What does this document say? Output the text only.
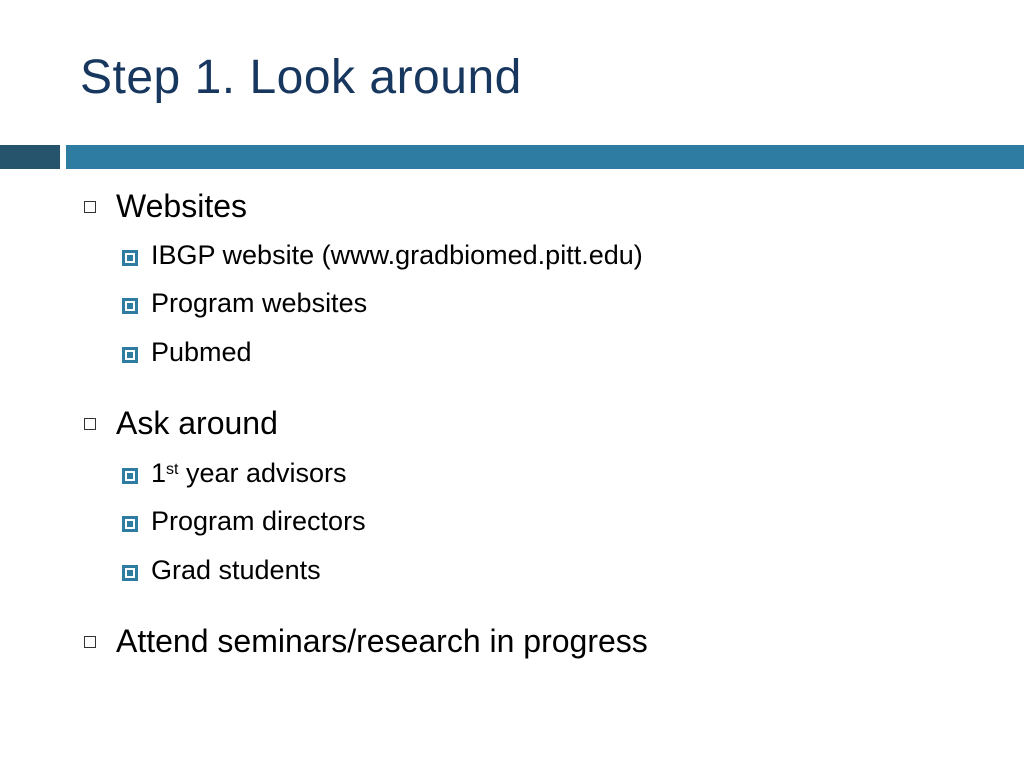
Step 1. Look around
Websites
IBGP website (www.gradbiomed.pitt.edu)
Program websites
Pubmed
Ask around
1st year advisors
Program directors
Grad students
Attend seminars/research in progress
